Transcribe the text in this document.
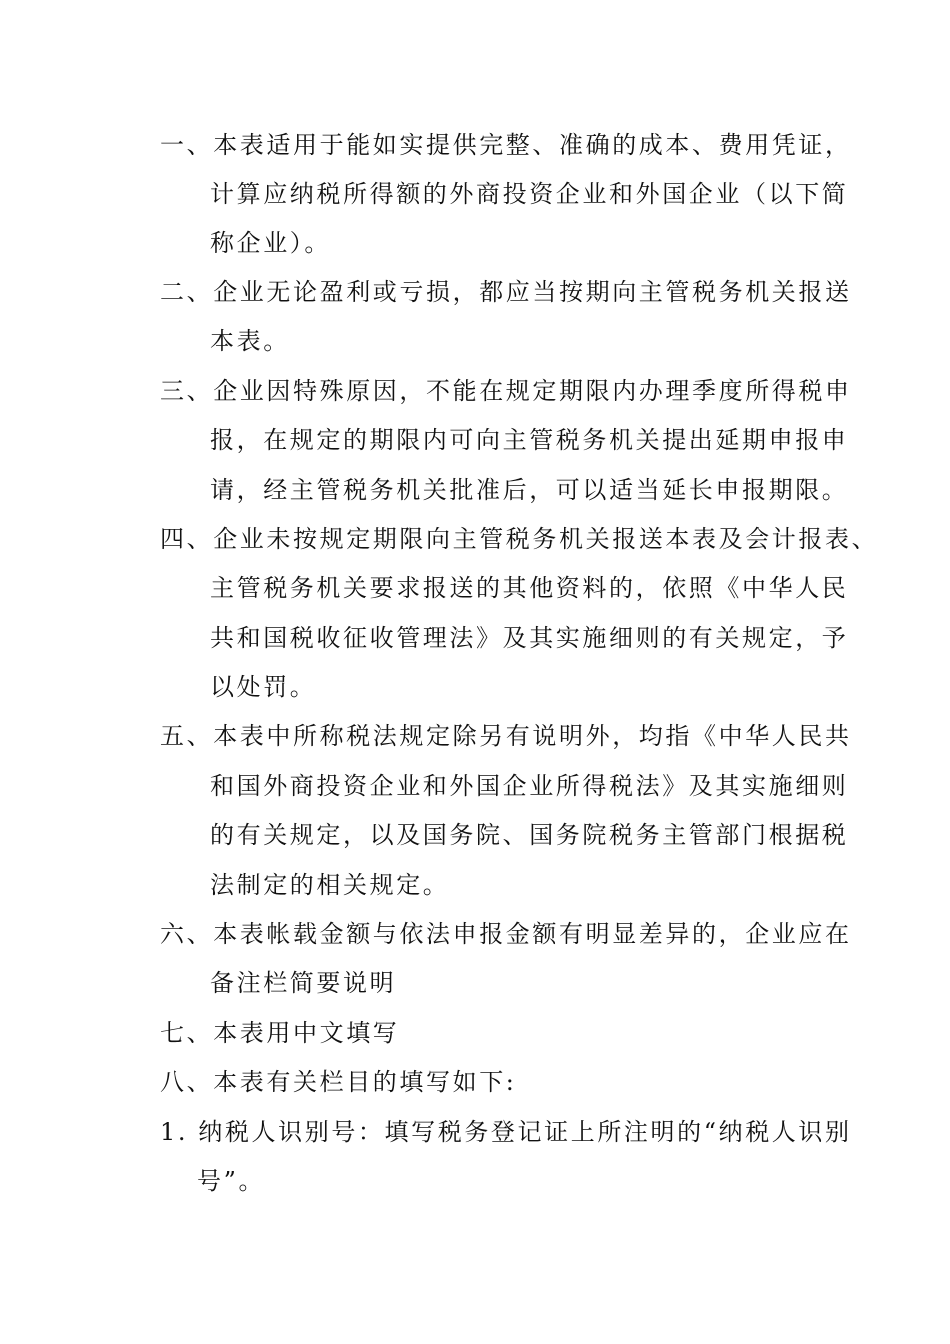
一、本表适用于能如实提供完整、准确的成本、费用凭证，
计算应纳税所得额的外商投资企业和外国企业（以下简
称企业）。
二、企业无论盈利或亏损，都应当按期向主管税务机关报送
本表。
三、企业因特殊原因，不能在规定期限内办理季度所得税申
报，在规定的期限内可向主管税务机关提出延期申报申
请，经主管税务机关批准后，可以适当延长申报期限。
四、企业未按规定期限向主管税务机关报送本表及会计报表、
主管税务机关要求报送的其他资料的，依照《中华人民
共和国税收征收管理法》及其实施细则的有关规定，予
以处罚。
五、本表中所称税法规定除另有说明外，均指《中华人民共
和国外商投资企业和外国企业所得税法》及其实施细则
的有关规定，以及国务院、国务院税务主管部门根据税
法制定的相关规定。
六、本表帐载金额与依法申报金额有明显差异的，企业应在
备注栏简要说明
七、本表用中文填写
八、本表有关栏目的填写如下:
1. 纳税人识别号：填写税务登记证上所注明的“纳税人识别
号”。
